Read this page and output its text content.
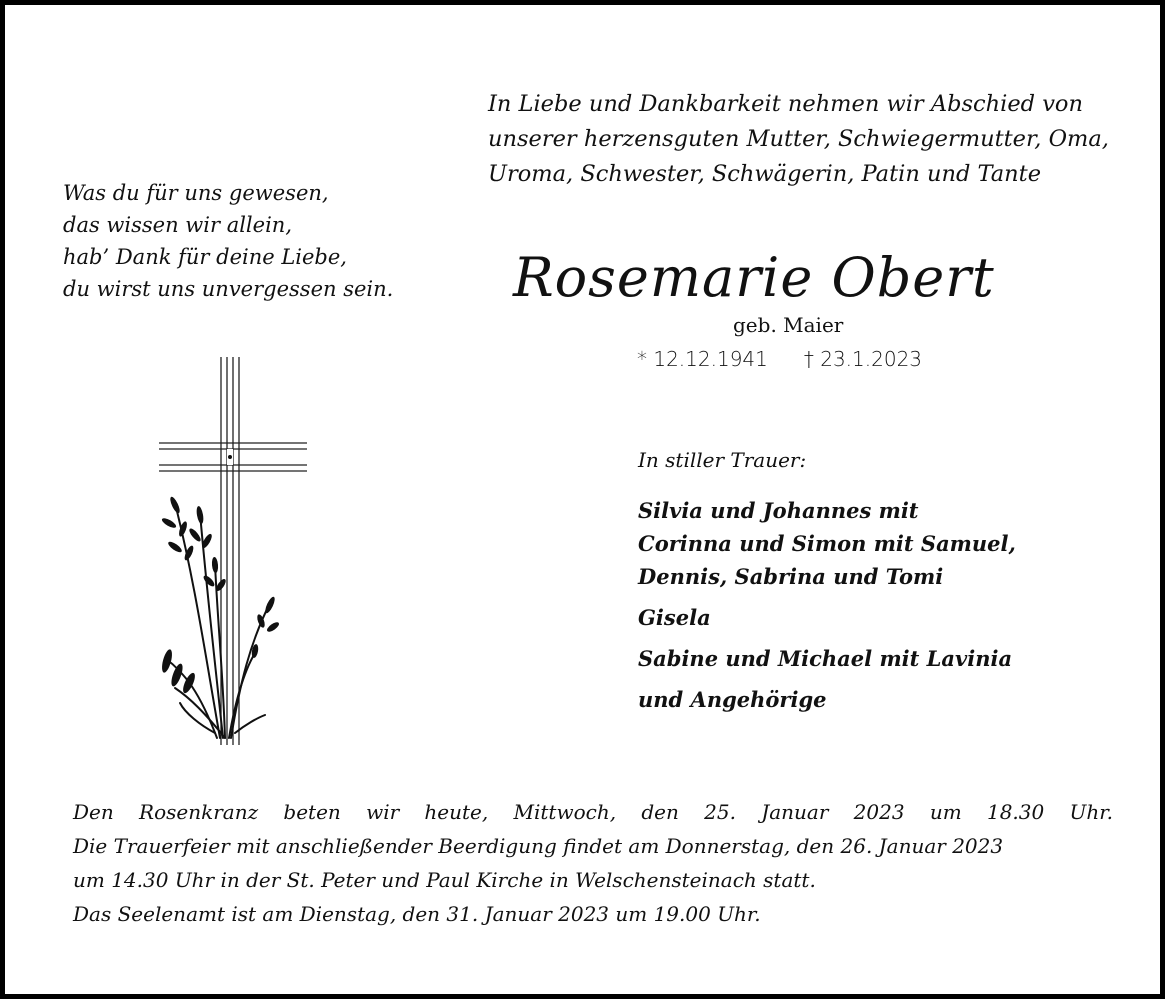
In Liebe und Dankbarkeit nehmen wir Abschied von
unserer herzensguten Mutter, Schwiegermutter, Oma,
Uroma, Schwester, Schwägerin, Patin und Tante
Was du für uns gewesen,
das wissen wir allein,
hab’ Dank für deine Liebe,
du wirst uns unvergessen sein.	Rosemarie Obert
geb. Maier
* 12.12.1941 † 23.1.2023
In stiller Trauer:
Silvia und Johannes mit
Corinna und Simon mit Samuel,
Dennis, Sabrina und Tomi
Gisela
Sabine und Michael mit Lavinia
und Angehörige
Den Rosenkranz beten wir heute, Mittwoch, den 25. Januar 2023 um 18.30 Uhr.
Die Trauerfeier mit anschließender Beerdigung findet am Donnerstag, den 26. Januar 2023
um 14.30 Uhr in der St. Peter und Paul Kirche in Welschensteinach statt.
Das Seelenamt ist am Dienstag, den 31. Januar 2023 um 19.00 Uhr.
